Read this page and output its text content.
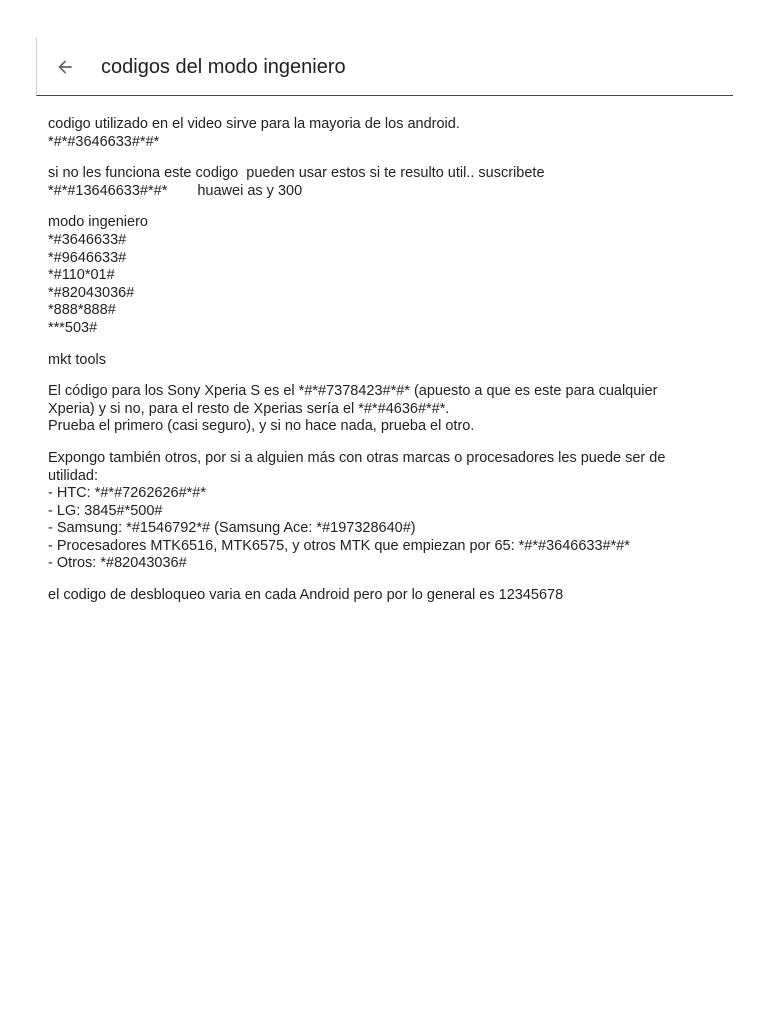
codigos del modo ingeniero
codigo utilizado en el video sirve para la mayoria de los android.
*#*#3646633#*#*
si no les funciona este codigo  pueden usar estos si te resulto util.. suscribete
*#*#13646633#*#* huawei as y 300
modo ingeniero
*#3646633#
*#9646633#
*#110*01#
*#82043036#
*888*888#
***503#
mkt tools
El código para los Sony Xperia S es el *#*#7378423#*#* (apuesto a que es este para cualquier Xperia) y si no, para el resto de Xperias sería el *#*#4636#*#*.
Prueba el primero (casi seguro), y si no hace nada, prueba el otro.
Expongo también otros, por si a alguien más con otras marcas o procesadores les puede ser de utilidad:
- HTC: *#*#7262626#*#*
- LG: 3845#*500#
- Samsung: *#1546792*# (Samsung Ace: *#197328640#)
- Procesadores MTK6516, MTK6575, y otros MTK que empiezan por 65: *#*#3646633#*#*
- Otros: *#82043036#
el codigo de desbloqueo varia en cada Android pero por lo general es 12345678
